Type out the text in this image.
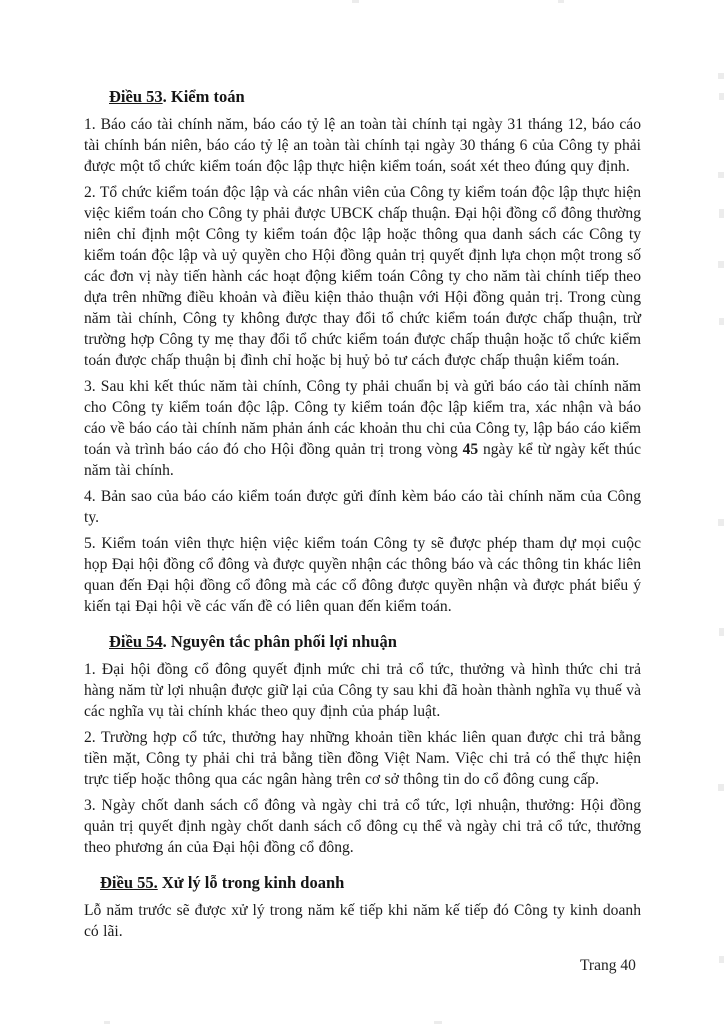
Điều 53. Kiểm toán

1. Báo cáo tài chính năm, báo cáo tỷ lệ an toàn tài chính tại ngày 31 tháng 12, báo cáo tài chính bán niên, báo cáo tỷ lệ an toàn tài chính tại ngày 30 tháng 6 của Công ty phải được một tổ chức kiểm toán độc lập thực hiện kiểm toán, soát xét theo đúng quy định.

2. Tổ chức kiểm toán độc lập và các nhân viên của Công ty kiểm toán độc lập thực hiện việc kiểm toán cho Công ty phải được UBCK chấp thuận. Đại hội đồng cổ đông thường niên chỉ định một Công ty kiểm toán độc lập hoặc thông qua danh sách các Công ty kiểm toán độc lập và uỷ quyền cho Hội đồng quản trị quyết định lựa chọn một trong số các đơn vị này tiến hành các hoạt động kiểm toán Công ty cho năm tài chính tiếp theo dựa trên những điều khoản và điều kiện thảo thuận với Hội đồng quản trị. Trong cùng năm tài chính, Công ty không được thay đổi tổ chức kiểm toán được chấp thuận, trừ trường hợp Công ty mẹ thay đổi tổ chức kiểm toán được chấp thuận hoặc tổ chức kiểm toán được chấp thuận bị đình chỉ hoặc bị huỷ bỏ tư cách được chấp thuận kiểm toán.

3. Sau khi kết thúc năm tài chính, Công ty phải chuẩn bị và gửi báo cáo tài chính năm cho Công ty kiểm toán độc lập. Công ty kiểm toán độc lập kiểm tra, xác nhận và báo cáo về báo cáo tài chính năm phản ánh các khoản thu chi của Công ty, lập báo cáo kiểm toán và trình báo cáo đó cho Hội đồng quản trị trong vòng 45 ngày kể từ ngày kết thúc năm tài chính.

4. Bản sao của báo cáo kiểm toán được gửi đính kèm báo cáo tài chính năm của Công ty.

5. Kiểm toán viên thực hiện việc kiểm toán Công ty sẽ được phép tham dự mọi cuộc họp Đại hội đồng cổ đông và được quyền nhận các thông báo và các thông tin khác liên quan đến Đại hội đồng cổ đông mà các cổ đông được quyền nhận và được phát biểu ý kiến tại Đại hội về các vấn đề có liên quan đến kiểm toán.

Điều 54. Nguyên tắc phân phối lợi nhuận

1. Đại hội đồng cổ đông quyết định mức chi trả cổ tức, thưởng và hình thức chi trả hàng năm từ lợi nhuận được giữ lại của Công ty sau khi đã hoàn thành nghĩa vụ thuế và các nghĩa vụ tài chính khác theo quy định của pháp luật.

2. Trường hợp cổ tức, thưởng hay những khoản tiền khác liên quan được chi trả bằng tiền mặt, Công ty phải chi trả bằng tiền đồng Việt Nam. Việc chi trả có thể thực hiện trực tiếp hoặc thông qua các ngân hàng trên cơ sở thông tin do cổ đông cung cấp.

3. Ngày chốt danh sách cổ đông và ngày chi trả cổ tức, lợi nhuận, thưởng: Hội đồng quản trị quyết định ngày chốt danh sách cổ đông cụ thể và ngày chi trả cổ tức, thưởng theo phương án của Đại hội đồng cổ đông.

Điều 55. Xử lý lỗ trong kinh doanh

Lỗ năm trước sẽ được xử lý trong năm kế tiếp khi năm kế tiếp đó Công ty kinh doanh có lãi.

Trang 40
